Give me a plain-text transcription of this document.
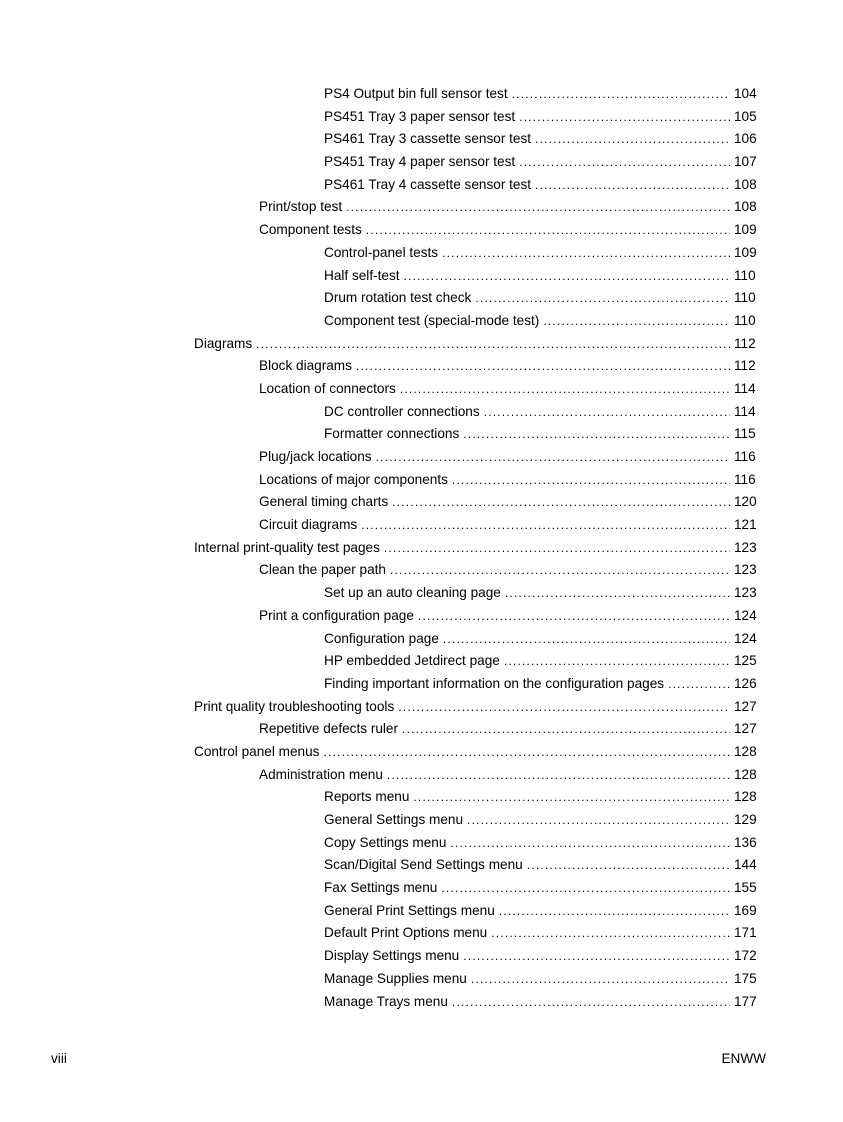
PS4 Output bin full sensor test .....	104
PS451 Tray 3 paper sensor test .....	105
PS461 Tray 3 cassette sensor test .....	106
PS451 Tray 4 paper sensor test .....	107
PS461 Tray 4 cassette sensor test .....	108
Print/stop test .....	108
Component tests .....	109
Control-panel tests .....	109
Half self-test .....	110
Drum rotation test check .....	110
Component test (special-mode test) .....	110
Diagrams .....	112
Block diagrams .....	112
Location of connectors .....	114
DC controller connections .....	114
Formatter connections .....	115
Plug/jack locations .....	116
Locations of major components .....	116
General timing charts .....	120
Circuit diagrams .....	121
Internal print-quality test pages .....	123
Clean the paper path .....	123
Set up an auto cleaning page .....	123
Print a configuration page .....	124
Configuration page .....	124
HP embedded Jetdirect page .....	125
Finding important information on the configuration pages .....	126
Print quality troubleshooting tools .....	127
Repetitive defects ruler .....	127
Control panel menus .....	128
Administration menu .....	128
Reports menu .....	128
General Settings menu .....	129
Copy Settings menu .....	136
Scan/Digital Send Settings menu .....	144
Fax Settings menu .....	155
General Print Settings menu .....	169
Default Print Options menu .....	171
Display Settings menu .....	172
Manage Supplies menu .....	175
Manage Trays menu .....	177
viii	ENWW
